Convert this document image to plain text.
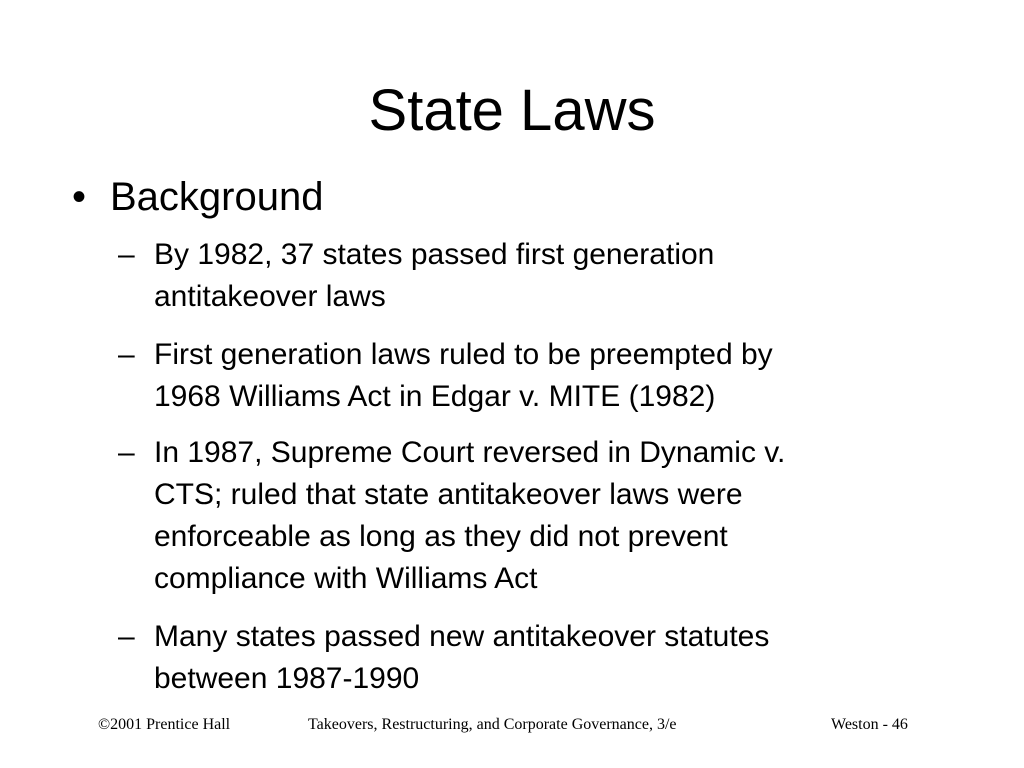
State Laws
• Background
– By 1982, 37 states passed first generation
antitakeover laws
– First generation laws ruled to be preempted by
1968 Williams Act in Edgar v. MITE (1982)
– In 1987, Supreme Court reversed in Dynamic v.
CTS; ruled that state antitakeover laws were
enforceable as long as they did not prevent
compliance with Williams Act
– Many states passed new antitakeover statutes
between 1987-1990
©2001 Prentice Hall	Takeovers, Restructuring, and Corporate Governance, 3/e	Weston - 46
